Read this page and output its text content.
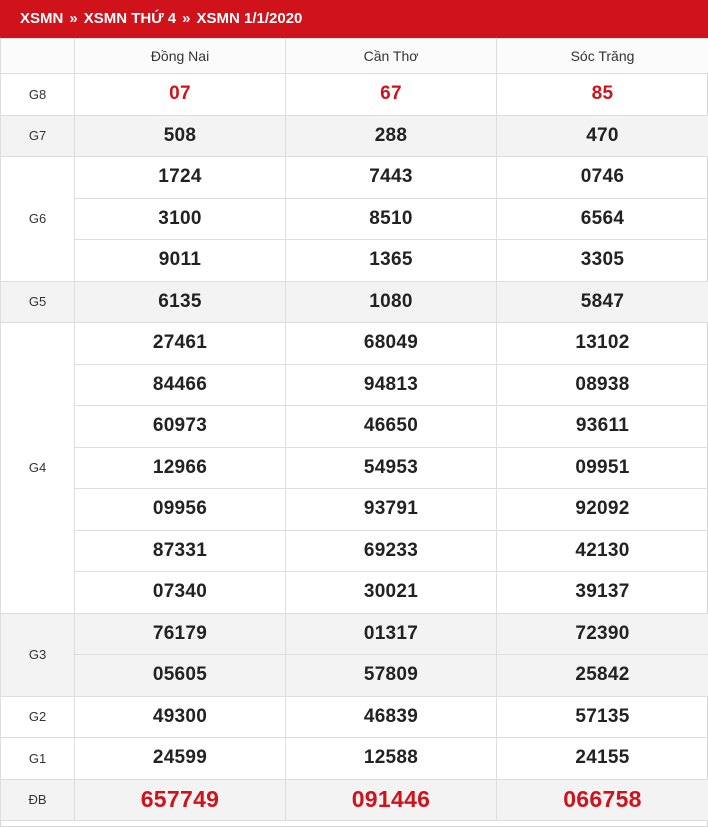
XSMN » XSMN THỨ 4 » XSMN 1/1/2020
	Đồng Nai	Cần Thơ	Sóc Trăng
G8	07	67	85
G7	508	288	470
G6	1724	7443	0746
	3100	8510	6564
	9011	1365	3305
G5	6135	1080	5847
G4	27461	68049	13102
	84466	94813	08938
	60973	46650	93611
	12966	54953	09951
	09956	93791	92092
	87331	69233	42130
	07340	30021	39137
G3	76179	01317	72390
	05605	57809	25842
G2	49300	46839	57135
G1	24599	12588	24155
ĐB	657749	091446	066758
